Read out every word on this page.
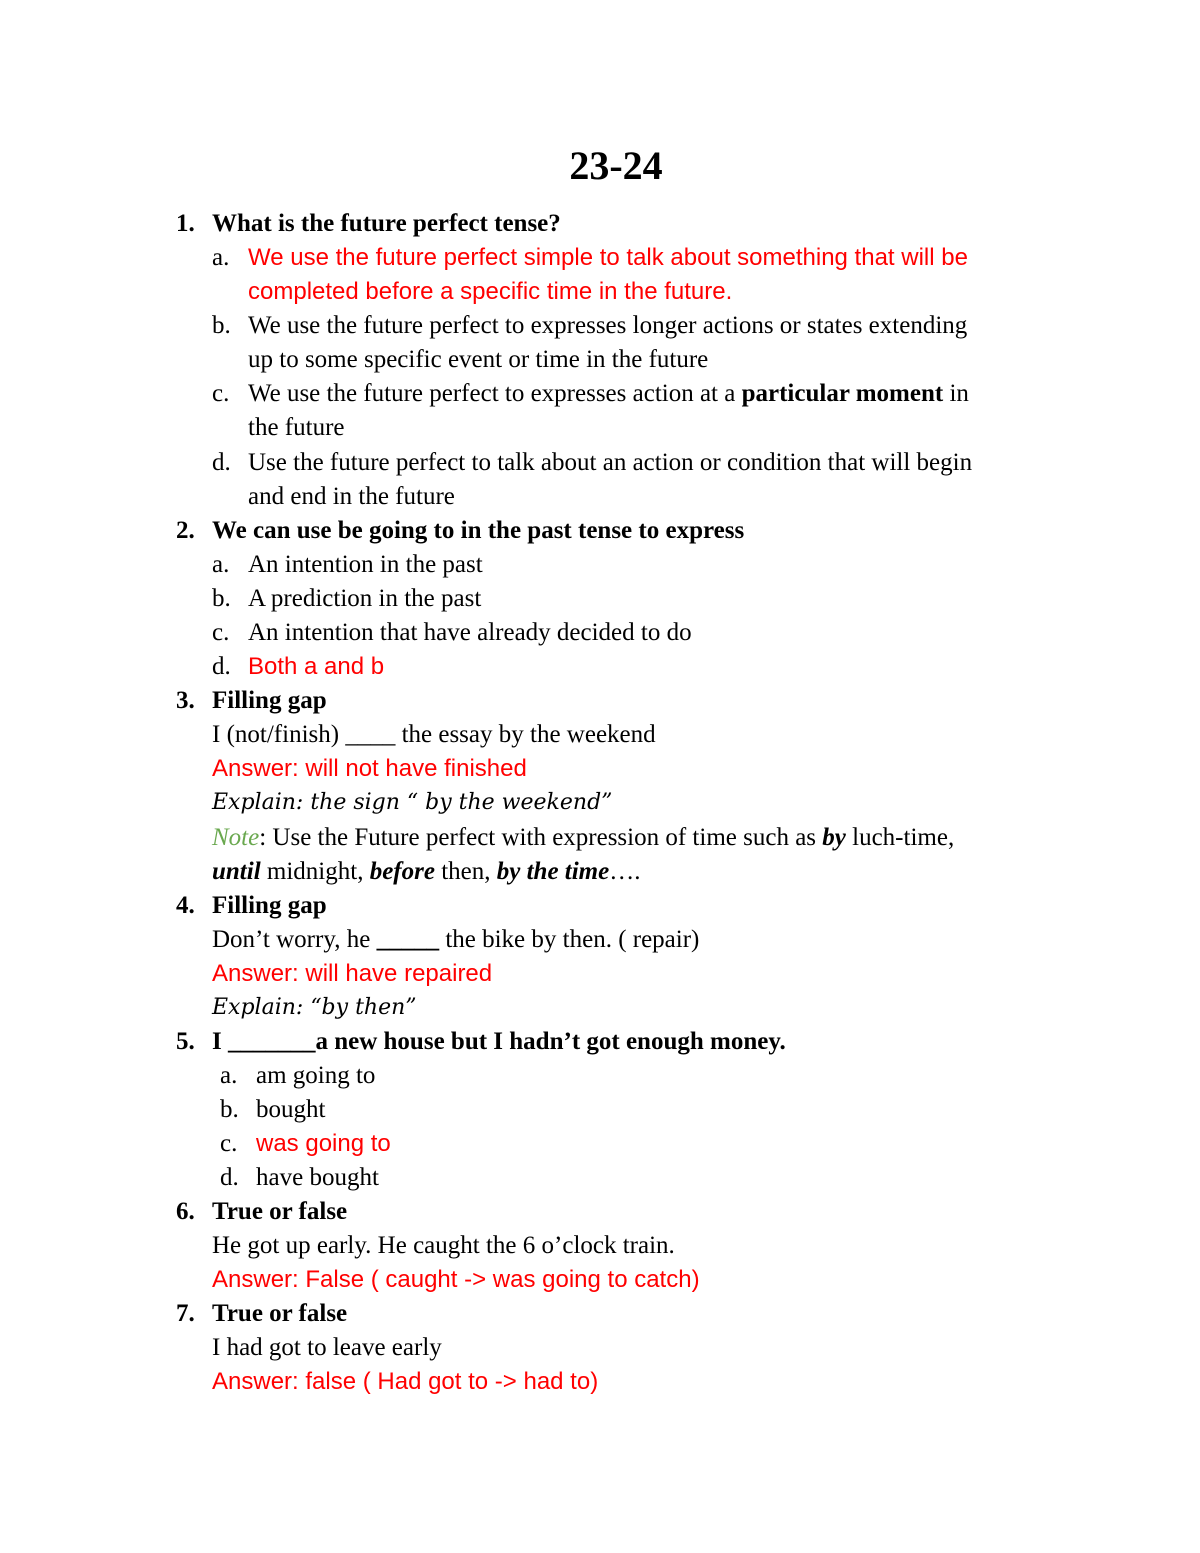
23-24
1. What is the future perfect tense?
a. We use the future perfect simple to talk about something that will be
completed before a specific time in the future.
b. We use the future perfect to expresses longer actions or states extending
up to some specific event or time in the future
c. We use the future perfect to expresses action at a particular moment in
the future
d. Use the future perfect to talk about an action or condition that will begin
and end in the future
2. We can use be going to in the past tense to express
a. An intention in the past
b. A prediction in the past
c. An intention that have already decided to do
d. Both a and b
3. Filling gap
I (not/finish) ____ the essay by the weekend
Answer: will not have finished
Explain: the sign “ by the weekend”
Note: Use the Future perfect with expression of time such as by luch-time,
until midnight, before then, by the time….
4. Filling gap
Don’t worry, he _____ the bike by then. ( repair)
Answer: will have repaired
Explain: “by then”
5. I _______a new house but I hadn’t got enough money.
a. am going to
b. bought
c. was going to
d. have bought
6. True or false
He got up early. He caught the 6 o’clock train.
Answer: False ( caught -> was going to catch)
7. True or false
I had got to leave early
Answer: false ( Had got to -> had to)
